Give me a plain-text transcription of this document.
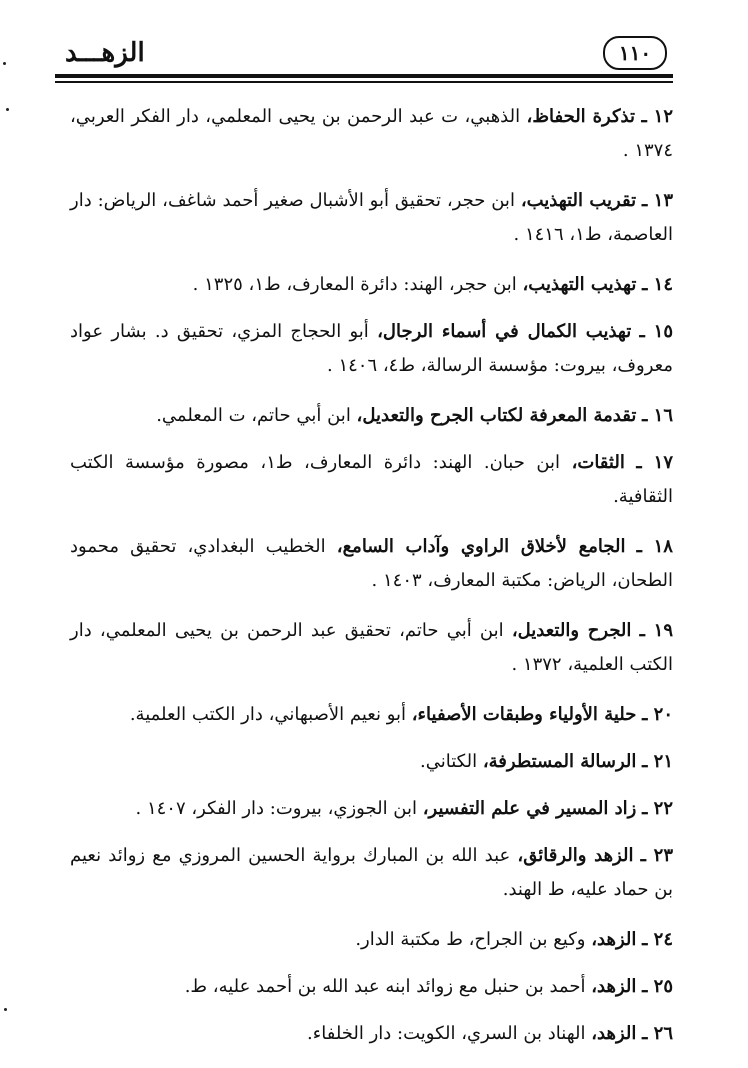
الزهـــد	١١٠
١٢ ـ تذكرة الحفاظ، الذهبي، ت عبد الرحمن بن يحيى المعلمي، دار الفكر العربي، ١٣٧٤ .
١٣ ـ تقريب التهذيب، ابن حجر، تحقيق أبو الأشبال صغير أحمد شاغف، الرياض: دار العاصمة، ط١، ١٤١٦ .
١٤ ـ تهذيب التهذيب، ابن حجر، الهند: دائرة المعارف، ط١، ١٣٢٥ .
١٥ ـ تهذيب الكمال في أسماء الرجال، أبو الحجاج المزي، تحقيق د. بشار عواد معروف، بيروت: مؤسسة الرسالة، ط٤، ١٤٠٦ .
١٦ ـ تقدمة المعرفة لكتاب الجرح والتعديل، ابن أبي حاتم، ت المعلمي.
١٧ ـ الثقات، ابن حبان. الهند: دائرة المعارف، ط١، مصورة مؤسسة الكتب الثقافية.
١٨ ـ الجامع لأخلاق الراوي وآداب السامع، الخطيب البغدادي، تحقيق محمود الطحان، الرياض: مكتبة المعارف، ١٤٠٣ .
١٩ ـ الجرح والتعديل، ابن أبي حاتم، تحقيق عبد الرحمن بن يحيى المعلمي، دار الكتب العلمية، ١٣٧٢ .
٢٠ ـ حلية الأولياء وطبقات الأصفياء، أبو نعيم الأصبهاني، دار الكتب العلمية.
٢١ ـ الرسالة المستطرفة، الكتاني.
٢٢ ـ زاد المسير في علم التفسير، ابن الجوزي، بيروت: دار الفكر، ١٤٠٧ .
٢٣ ـ الزهد والرقائق، عبد الله بن المبارك برواية الحسين المروزي مع زوائد نعيم بن حماد عليه، ط الهند.
٢٤ ـ الزهد، وكيع بن الجراح، ط مكتبة الدار.
٢٥ ـ الزهد، أحمد بن حنبل مع زوائد ابنه عبد الله بن أحمد عليه، ط.
٢٦ ـ الزهد، الهناد بن السري، الكويت: دار الخلفاء.
